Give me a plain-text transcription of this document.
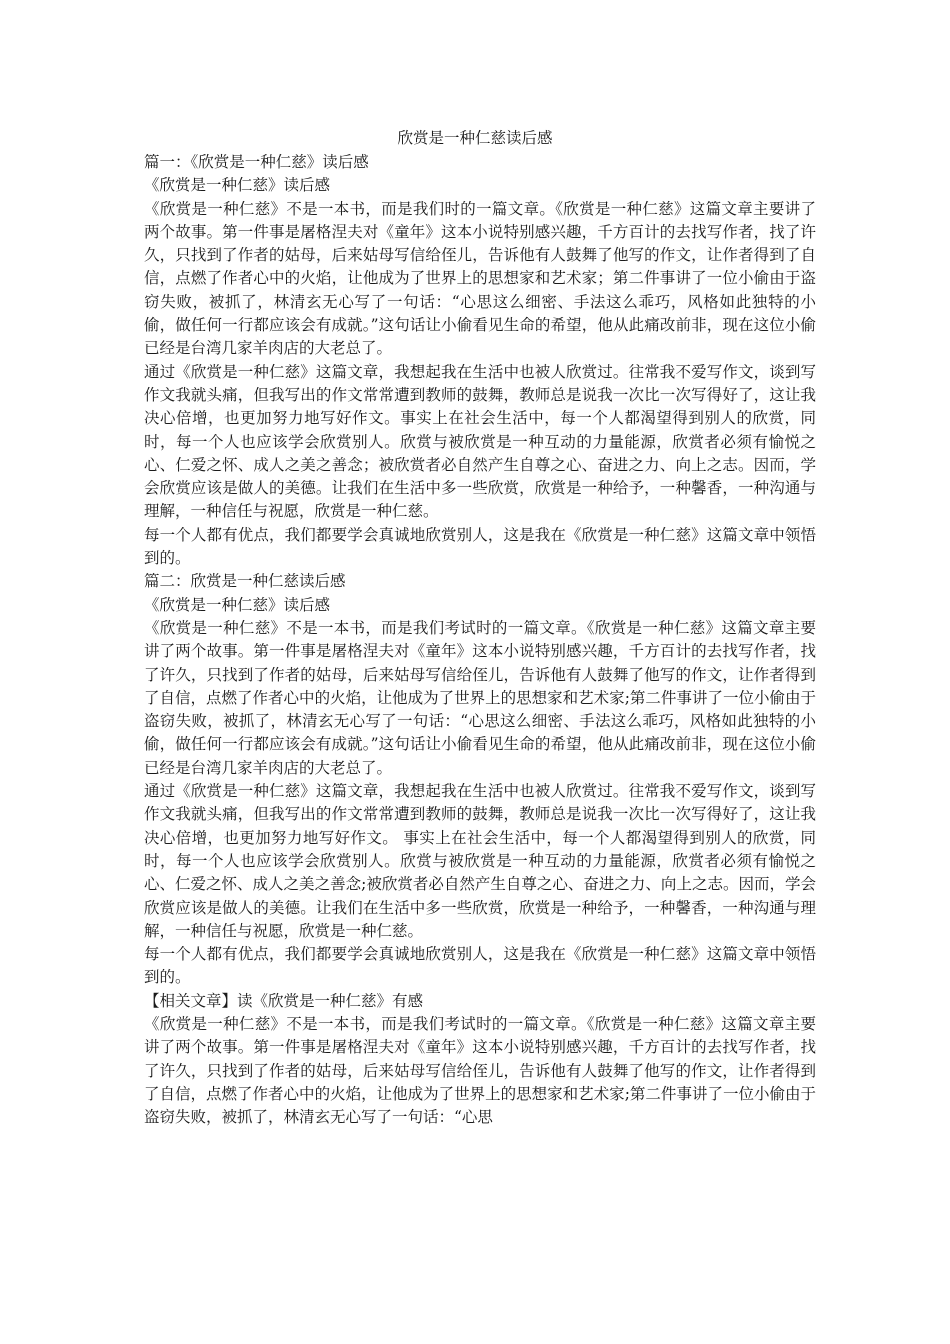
欣赏是一种仁慈读后感

篇一：《欣赏是一种仁慈》读后感

《欣赏是一种仁慈》读后感

《欣赏是一种仁慈》不是一本书，而是我们时的一篇文章。《欣赏是一种仁慈》这篇文章主要讲了两个故事。第一件事是屠格涅夫对《童年》这本小说特别感兴趣，千方百计的去找写作者，找了许久，只找到了作者的姑母，后来姑母写信给侄儿，告诉他有人鼓舞了他写的作文，让作者得到了自信，点燃了作者心中的火焰，让他成为了世界上的思想家和艺术家；第二件事讲了一位小偷由于盗窃失败，被抓了，林清玄无心写了一句话：“心思这么细密、手法这么乖巧，风格如此独特的小偷，做任何一行都应该会有成就。”这句话让小偷看见生命的希望，他从此痛改前非，现在这位小偷已经是台湾几家羊肉店的大老总了。

通过《欣赏是一种仁慈》这篇文章，我想起我在生活中也被人欣赏过。往常我不爱写作文，谈到写作文我就头痛，但我写出的作文常常遭到教师的鼓舞，教师总是说我一次比一次写得好了，这让我决心倍增，也更加努力地写好作文。事实上在社会生活中，每一个人都渴望得到别人的欣赏，同时，每一个人也应该学会欣赏别人。欣赏与被欣赏是一种互动的力量能源，欣赏者必须有愉悦之心、仁爱之怀、成人之美之善念；被欣赏者必自然产生自尊之心、奋进之力、向上之志。因而，学会欣赏应该是做人的美德。让我们在生活中多一些欣赏，欣赏是一种给予，一种馨香，一种沟通与理解，一种信任与祝愿，欣赏是一种仁慈。

每一个人都有优点，我们都要学会真诚地欣赏别人，这是我在《欣赏是一种仁慈》这篇文章中领悟到的。

篇二：欣赏是一种仁慈读后感

《欣赏是一种仁慈》读后感

《欣赏是一种仁慈》不是一本书，而是我们考试时的一篇文章。《欣赏是一种仁慈》这篇文章主要讲了两个故事。第一件事是屠格涅夫对《童年》这本小说特别感兴趣，千方百计的去找写作者，找了许久，只找到了作者的姑母，后来姑母写信给侄儿，告诉他有人鼓舞了他写的作文，让作者得到了自信，点燃了作者心中的火焰，让他成为了世界上的思想家和艺术家;第二件事讲了一位小偷由于盗窃失败，被抓了，林清玄无心写了一句话：“心思这么细密、手法这么乖巧，风格如此独特的小偷，做任何一行都应该会有成就。”这句话让小偷看见生命的希望，他从此痛改前非，现在这位小偷已经是台湾几家羊肉店的大老总了。

通过《欣赏是一种仁慈》这篇文章，我想起我在生活中也被人欣赏过。往常我不爱写作文，谈到写作文我就头痛，但我写出的作文常常遭到教师的鼓舞，教师总是说我一次比一次写得好了，这让我决心倍增，也更加努力地写好作文。 事实上在社会生活中，每一个人都渴望得到别人的欣赏，同时，每一个人也应该学会欣赏别人。欣赏与被欣赏是一种互动的力量能源，欣赏者必须有愉悦之心、仁爱之怀、成人之美之善念;被欣赏者必自然产生自尊之心、奋进之力、向上之志。因而，学会欣赏应该是做人的美德。让我们在生活中多一些欣赏，欣赏是一种给予，一种馨香，一种沟通与理解，一种信任与祝愿，欣赏是一种仁慈。

每一个人都有优点，我们都要学会真诚地欣赏别人，这是我在《欣赏是一种仁慈》这篇文章中领悟到的。

【相关文章】读《欣赏是一种仁慈》有感

《欣赏是一种仁慈》不是一本书，而是我们考试时的一篇文章。《欣赏是一种仁慈》这篇文章主要讲了两个故事。第一件事是屠格涅夫对《童年》这本小说特别感兴趣，千方百计的去找写作者，找了许久，只找到了作者的姑母，后来姑母写信给侄儿，告诉他有人鼓舞了他写的作文，让作者得到了自信，点燃了作者心中的火焰，让他成为了世界上的思想家和艺术家;第二件事讲了一位小偷由于盗窃失败，被抓了，林清玄无心写了一句话：“心思
